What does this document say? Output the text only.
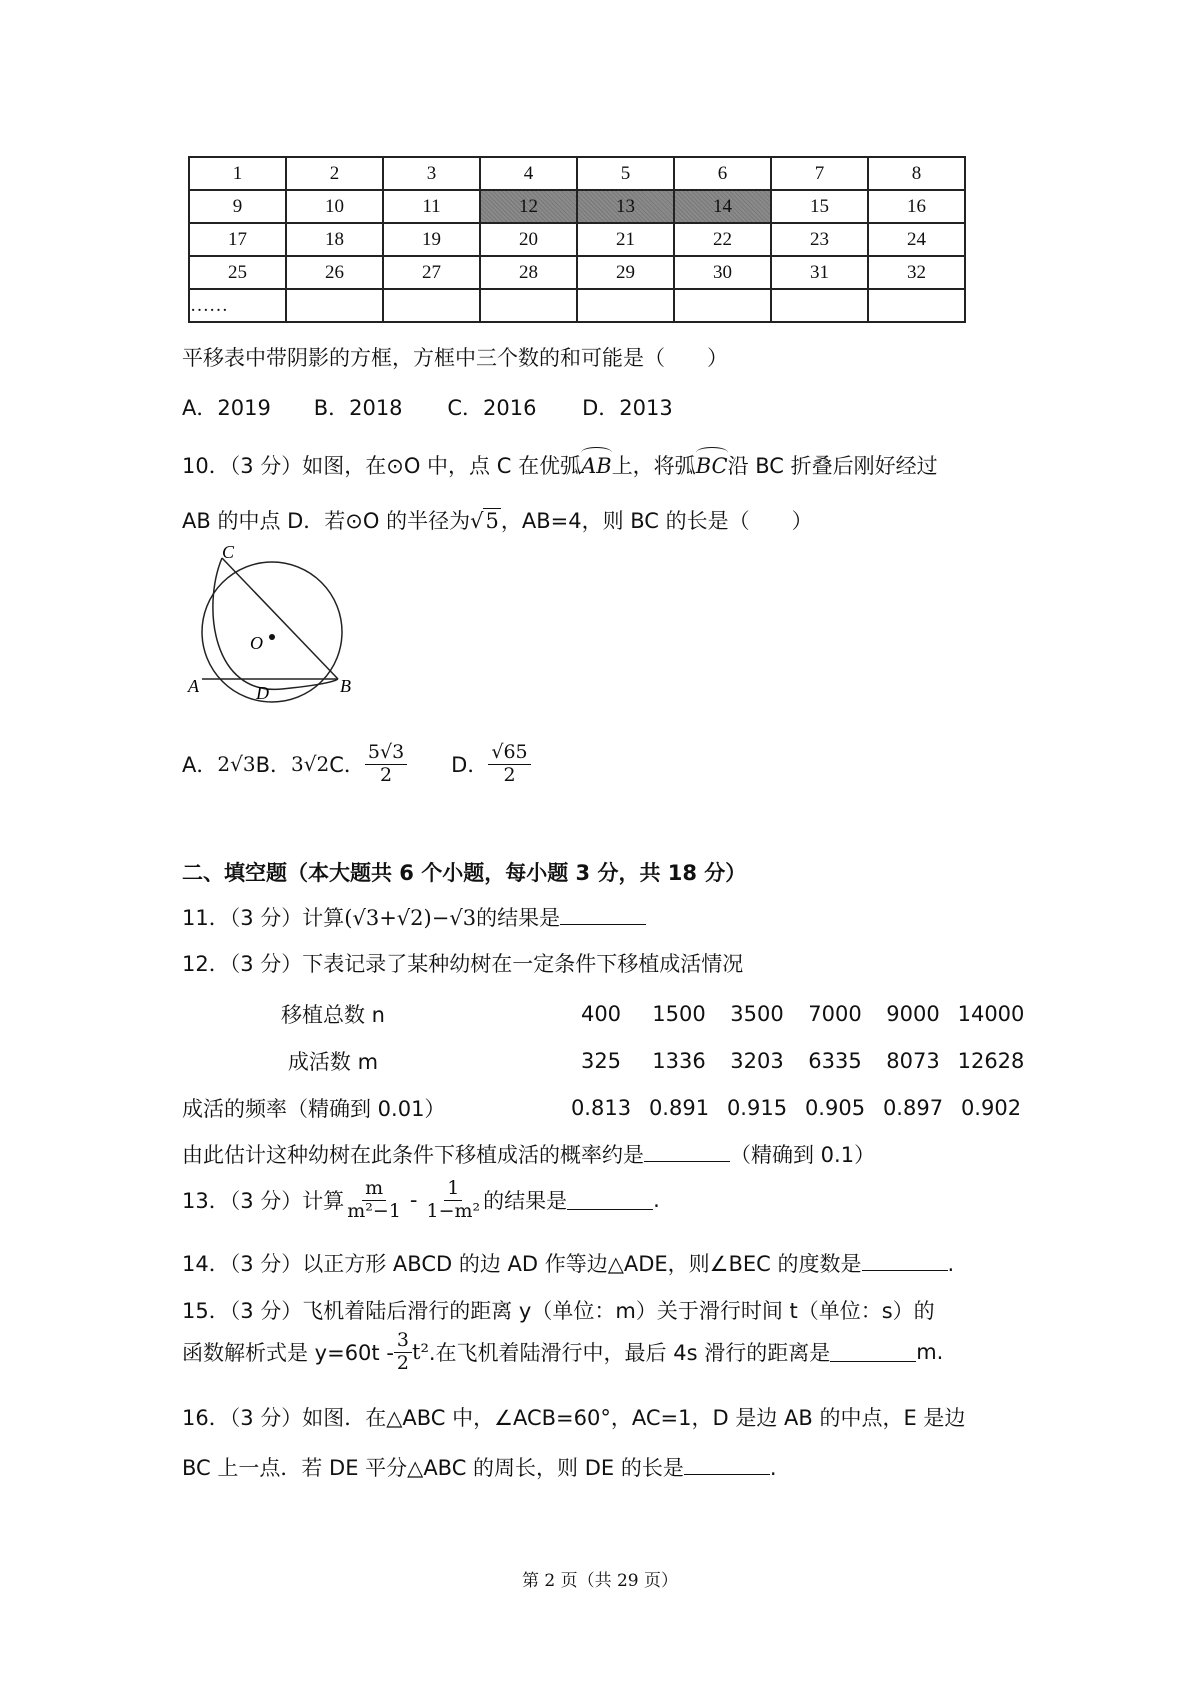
1	2	3	4	5	6	7	8
9	10	11	12	13	14	15	16
17	18	19	20	21	22	23	24
25	26	27	28	29	30	31	32
……							
平移表中带阴影的方框，方框中三个数的和可能是（　　）
A．2019 B．2018 C．2016 D．2013
10．（3 分）如图，在⊙O 中，点 C 在优弧AB上，将弧BC沿 BC 折叠后刚好经过
AB 的中点 D．若⊙O 的半径为√5，AB=4，则 BC 的长是（　　）
C
O
A	D	B
A． 2√3 B． 3√2 C． $\frac{5√3}{2}$ D． $\frac{√65}{2}$
二、填空题（本大题共 6 个小题，每小题 3 分，共 18 分）
11．（3 分）计算(√3+√2)−√3的结果是
12．（3 分）下表记录了某种幼树在一定条件下移植成活情况
移植总数 n	400	1500	3500	7000	9000	14000
成活数 m	325	1336	3203	6335	8073	12628
成活的频率（精确到 0.01）	0.813	0.891	0.915	0.905	0.897	0.902
由此估计这种幼树在此条件下移植成活的概率约是	（精确到 0.1）
13．（3 分）计算 $\frac{m}{\text{m²−1}} - \frac{1}{\text{1−m²}}$ 的结果是	.
14．（3 分）以正方形 ABCD 的边 AD 作等边△ADE，则∠BEC 的度数是	.
15．（3 分）飞机着陆后滑行的距离 y（单位：m）关于滑行时间 t（单位：s）的
函数解析式是 $y=60t - \frac{3}{2} t^2$ .在飞机着陆滑行中，最后 4s 滑行的距离是	m.
16．（3 分）如图．在△ABC 中，∠ACB=60°，AC=1，D 是边 AB 的中点，E 是边
BC 上一点．若 DE 平分△ABC 的周长，则 DE 的长是	.
第 2 页（共 29 页）
